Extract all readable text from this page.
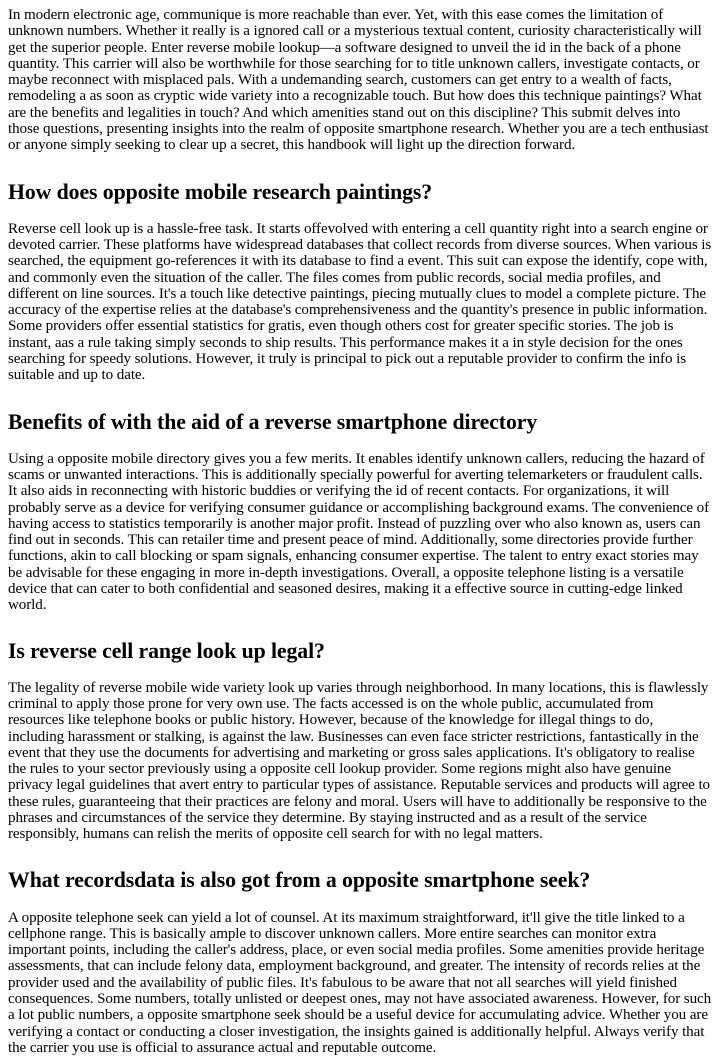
In modern electronic age, communique is more reachable than ever. Yet, with this ease comes the limitation of unknown numbers. Whether it really is a ignored call or a mysterious textual content, curiosity characteristically will get the superior people. Enter reverse mobile lookup—a software designed to unveil the id in the back of a phone quantity. This carrier will also be worthwhile for those searching for to title unknown callers, investigate contacts, or maybe reconnect with misplaced pals. With a undemanding search, customers can get entry to a wealth of facts, remodeling a as soon as cryptic wide variety into a recognizable touch. But how does this technique paintings? What are the benefits and legalities in touch? And which amenities stand out on this discipline? This submit delves into those questions, presenting insights into the realm of opposite smartphone research. Whether you are a tech enthusiast or anyone simply seeking to clear up a secret, this handbook will light up the direction forward.

How does opposite mobile research paintings?

Reverse cell look up is a hassle-free task. It starts offevolved with entering a cell quantity right into a search engine or devoted carrier. These platforms have widespread databases that collect records from diverse sources. When various is searched, the equipment go-references it with its database to find a event. This suit can expose the identify, cope with, and commonly even the situation of the caller. The files comes from public records, social media profiles, and different on line sources. It's a touch like detective paintings, piecing mutually clues to model a complete picture. The accuracy of the expertise relies at the database's comprehensiveness and the quantity's presence in public information. Some providers offer essential statistics for gratis, even though others cost for greater specific stories. The job is instant, aas a rule taking simply seconds to ship results. This performance makes it a in style decision for the ones searching for speedy solutions. However, it truly is principal to pick out a reputable provider to confirm the info is suitable and up to date.

Benefits of with the aid of a reverse smartphone directory

Using a opposite mobile directory gives you a few merits. It enables identify unknown callers, reducing the hazard of scams or unwanted interactions. This is additionally specially powerful for averting telemarketers or fraudulent calls. It also aids in reconnecting with historic buddies or verifying the id of recent contacts. For organizations, it will probably serve as a device for verifying consumer guidance or accomplishing background exams. The convenience of having access to statistics temporarily is another major profit. Instead of puzzling over who also known as, users can find out in seconds. This can retailer time and present peace of mind. Additionally, some directories provide further functions, akin to call blocking or spam signals, enhancing consumer expertise. The talent to entry exact stories may be advisable for these engaging in more in-depth investigations. Overall, a opposite telephone listing is a versatile device that can cater to both confidential and seasoned desires, making it a effective source in cutting-edge linked world.

Is reverse cell range look up legal?

The legality of reverse mobile wide variety look up varies through neighborhood. In many locations, this is flawlessly criminal to apply those prone for very own use. The facts accessed is on the whole public, accumulated from resources like telephone books or public history. However, because of the knowledge for illegal things to do, including harassment or stalking, is against the law. Businesses can even face stricter restrictions, fantastically in the event that they use the documents for advertising and marketing or gross sales applications. It's obligatory to realise the rules to your sector previously using a opposite cell lookup provider. Some regions might also have genuine privacy legal guidelines that avert entry to particular types of assistance. Reputable services and products will agree to these rules, guaranteeing that their practices are felony and moral. Users will have to additionally be responsive to the phrases and circumstances of the service they determine. By staying instructed and as a result of the service responsibly, humans can relish the merits of opposite cell search for with no legal matters.

What recordsdata is also got from a opposite smartphone seek?

A opposite telephone seek can yield a lot of counsel. At its maximum straightforward, it'll give the title linked to a cellphone range. This is basically ample to discover unknown callers. More entire searches can monitor extra important points, including the caller's address, place, or even social media profiles. Some amenities provide heritage assessments, that can include felony data, employment background, and greater. The intensity of records relies at the provider used and the availability of public files. It's fabulous to be aware that not all searches will yield finished consequences. Some numbers, totally unlisted or deepest ones, may not have associated awareness. However, for such a lot public numbers, a opposite smartphone seek should be a useful device for accumulating advice. Whether you are verifying a contact or conducting a closer investigation, the insights gained is additionally helpful. Always verify that the carrier you use is official to assurance actual and reputable outcome.
